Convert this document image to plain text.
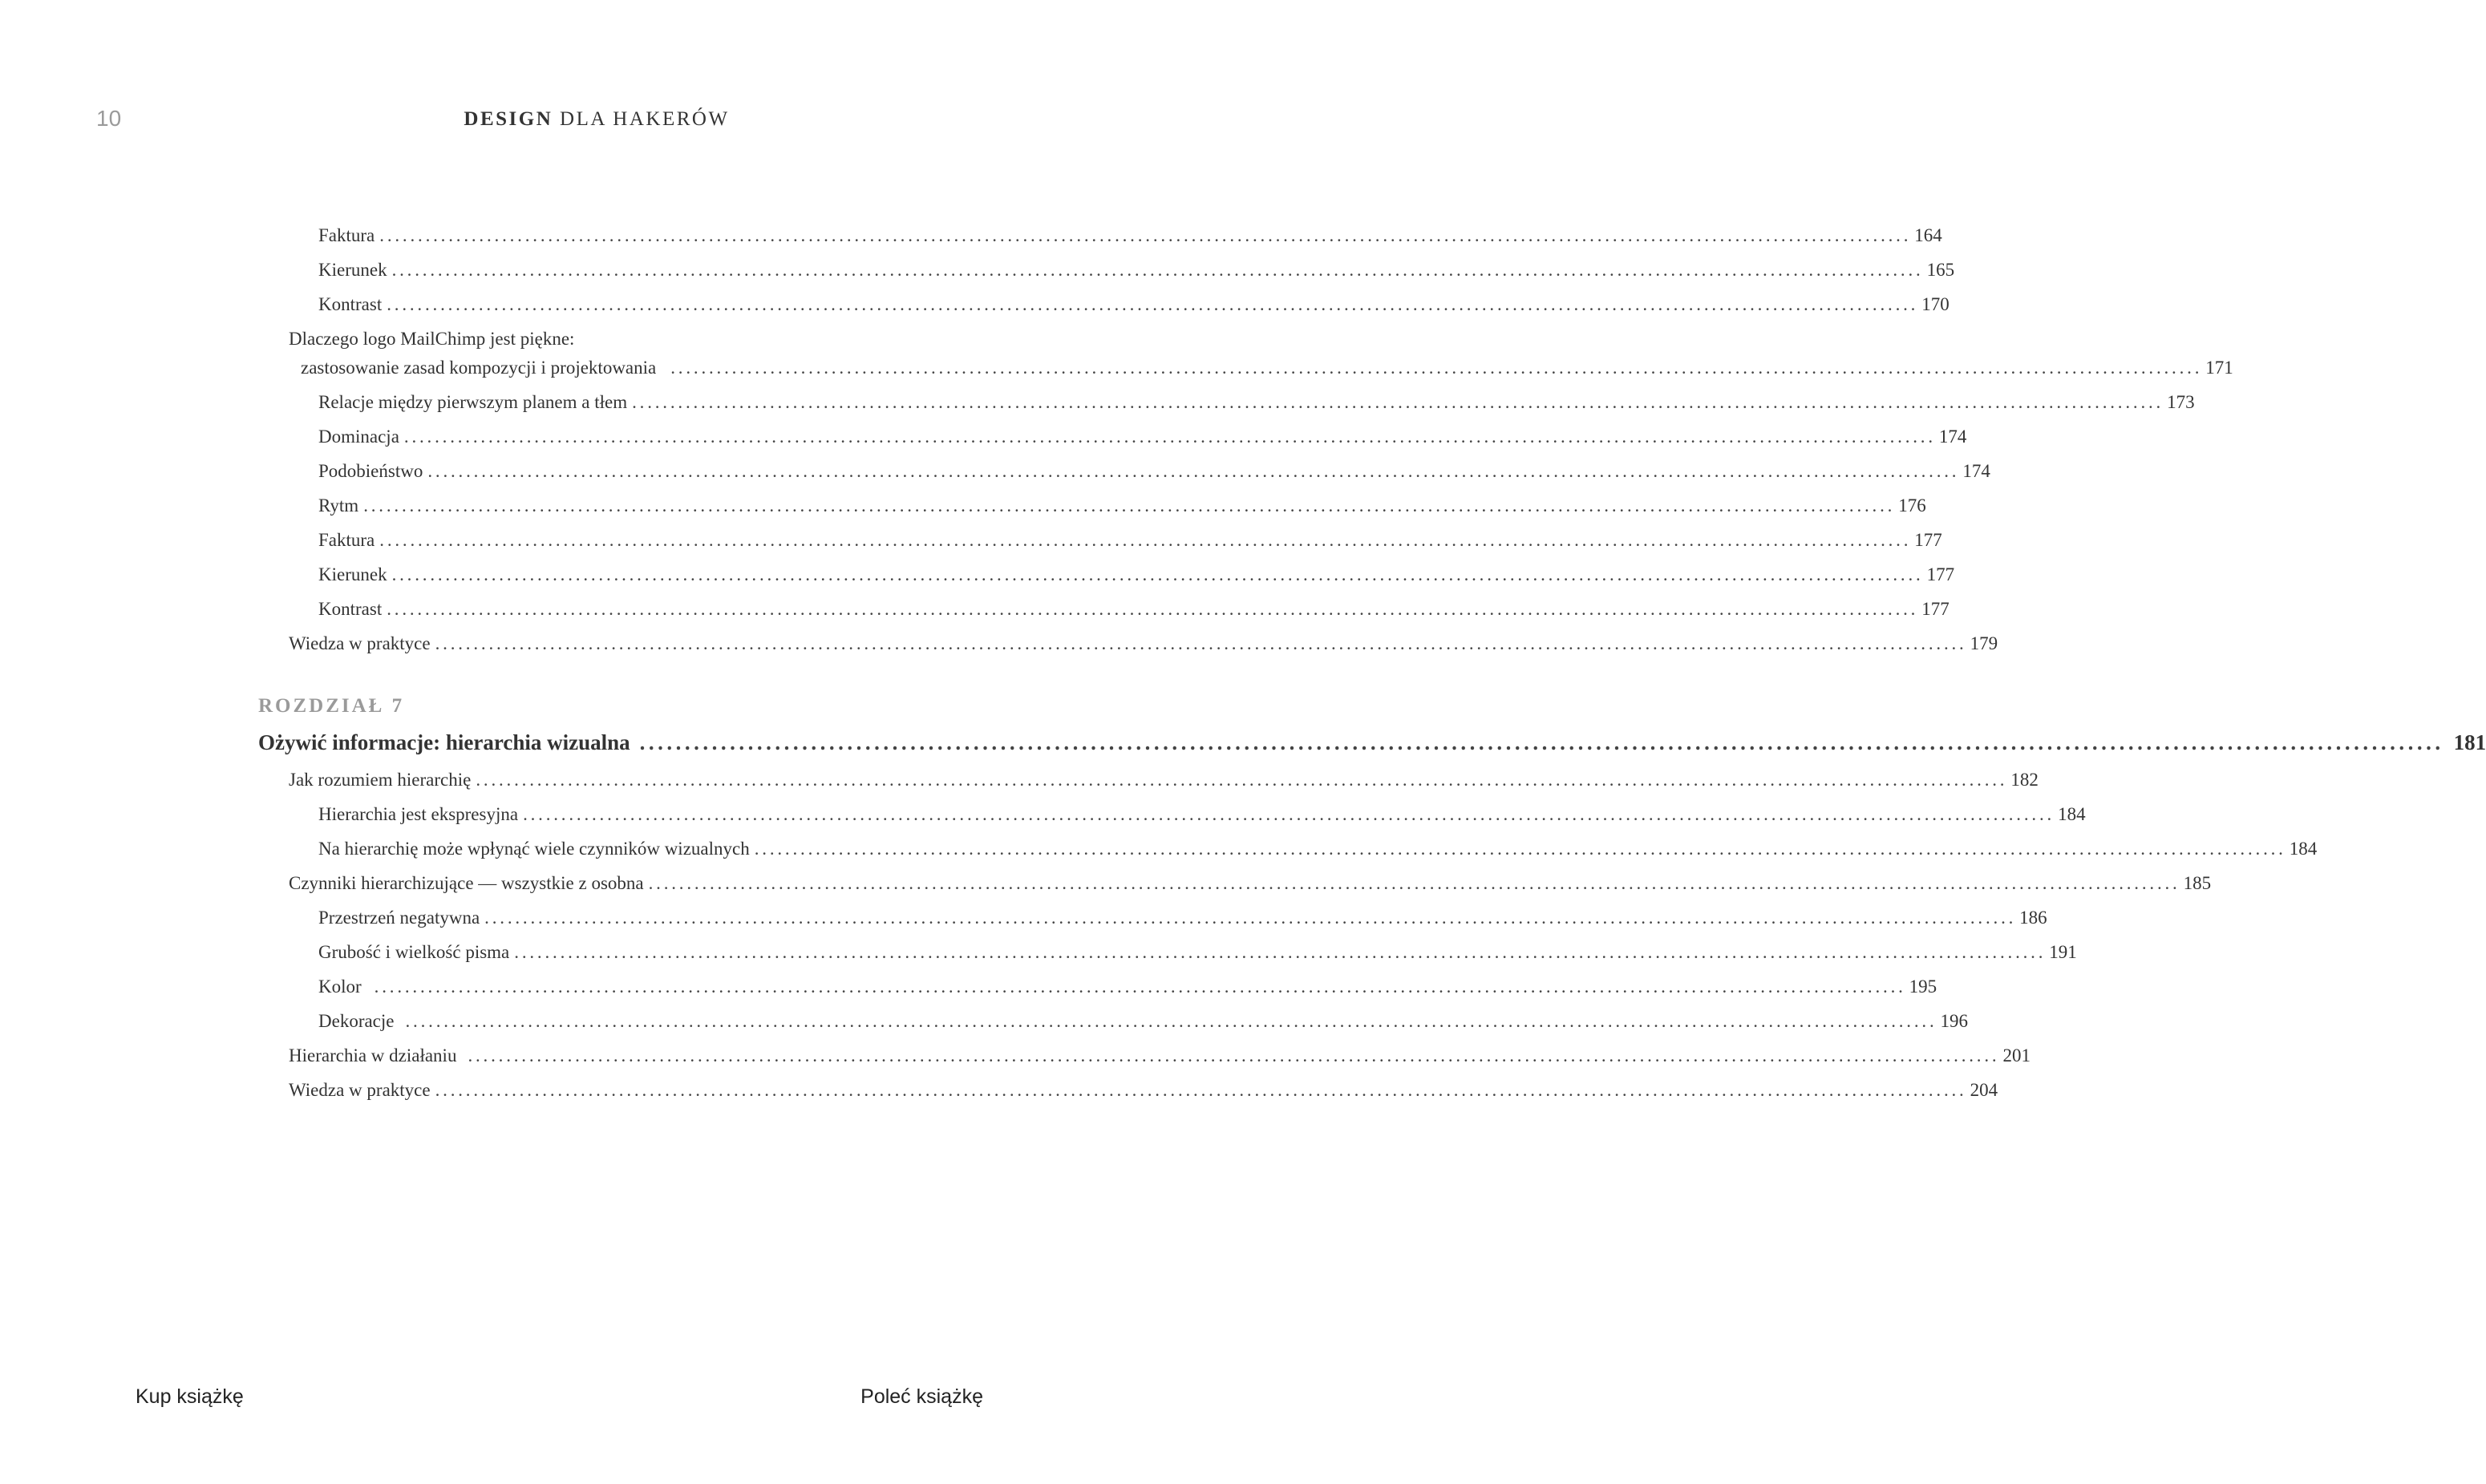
10	DESIGN DLA HAKERÓW
Faktura ........................................................................................................................................................................................................ 164
Kierunek ........................................................................................................................................................................................................ 165
Kontrast ........................................................................................................................................................................................................ 170
Dlaczego logo MailChimp jest piękne:
zastosowanie zasad kompozycji i projektowania ........................................................................................................................................................................................................ 171
Relacje między pierwszym planem a tłem ........................................................................................................................................................................................................ 173
Dominacja ........................................................................................................................................................................................................ 174
Podobieństwo ........................................................................................................................................................................................................ 174
Rytm ........................................................................................................................................................................................................ 176
Faktura ........................................................................................................................................................................................................ 177
Kierunek ........................................................................................................................................................................................................ 177
Kontrast ........................................................................................................................................................................................................ 177
Wiedza w praktyce ........................................................................................................................................................................................................ 179
ROZDZIAŁ 7
Ożywić informacje: hierarchia wizualna ........................................................................................................................................................................................................ 181
Jak rozumiem hierarchię ........................................................................................................................................................................................................ 182
Hierarchia jest ekspresyjna ........................................................................................................................................................................................................ 184
Na hierarchię może wpłynąć wiele czynników wizualnych ........................................................................................................................................................................................................ 184
Czynniki hierarchizujące — wszystkie z osobna ........................................................................................................................................................................................................ 185
Przestrzeń negatywna ........................................................................................................................................................................................................ 186
Grubość i wielkość pisma ........................................................................................................................................................................................................ 191
Kolor ........................................................................................................................................................................................................ 195
Dekoracje ........................................................................................................................................................................................................ 196
Hierarchia w działaniu ........................................................................................................................................................................................................ 201
Wiedza w praktyce ........................................................................................................................................................................................................ 204
Kup książkę	Poleć książkę
